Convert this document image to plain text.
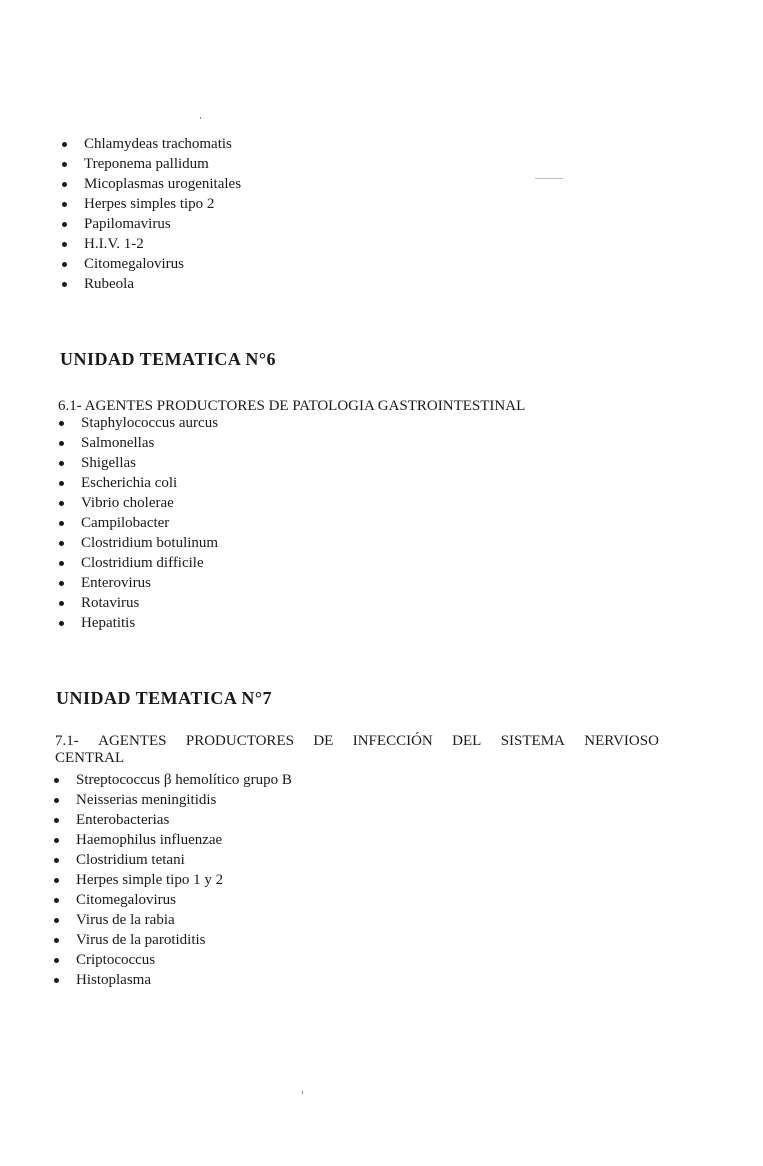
Chlamydeas trachomatis
Treponema pallidum
Micoplasmas urogenitales
Herpes simples tipo 2
Papilomavirus
H.I.V. 1-2
Citomegalovirus
Rubeola
UNIDAD TEMATICA N°6
6.1- AGENTES PRODUCTORES DE PATOLOGIA GASTROINTESTINAL
Staphylococcus aurcus
Salmonellas
Shigellas
Escherichia coli
Vibrio cholerae
Campilobacter
Clostridium botulinum
Clostridium difficile
Enterovirus
Rotavirus
Hepatitis
UNIDAD TEMATICA N°7
7.1- AGENTES PRODUCTORES DE INFECCIÓN DEL SISTEMA NERVIOSO
CENTRAL
Streptococcus β hemolítico grupo B
Neisserias meningitidis
Enterobacterias
Haemophilus influenzae
Clostridium tetani
Herpes simple tipo 1 y 2
Citomegalovirus
Virus de la rabia
Virus de la parotiditis
Criptococcus
Histoplasma
